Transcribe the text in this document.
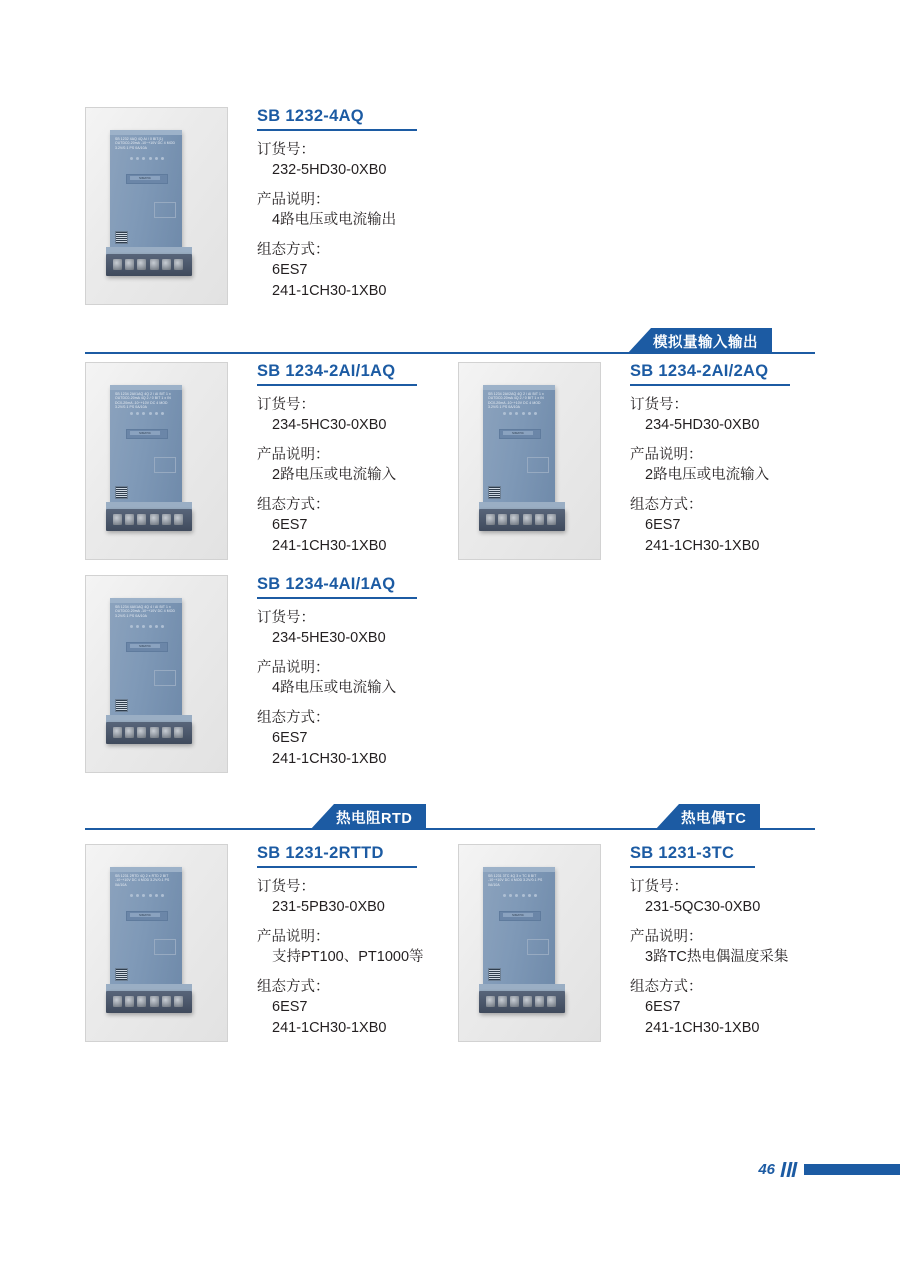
SB 1232 4AQ 4Q AI / 0 BIT(1) OUTDC0-20mA -10~+10V DC 4 MOD 3.2V/0.1 PS 0A/10A
SIMATIC
SB 1232-4AQ
订货号：
232-5HD30-0XB0
产品说明：
4路电压或电流输出
组态方式：
6ES7
241-1CH30-1XB0
模拟量输入输出
SB 1234 2AI/1AQ 4Q 2 / AI BIT 1 x OUTDC0-20mA 4Q 2 / 0 BIT 1 x IN DC0-20mA -10~+10V DC 4 MOD 3.2V/0.1 PS 0A/10A
SIMATIC
SB 1234-2AI/1AQ
订货号：
234-5HC30-0XB0
产品说明：
2路电压或电流输入
组态方式：
6ES7
241-1CH30-1XB0
SB 1234 2AI/2AQ 4Q 2 / AI BIT 1 x OUTDC0-20mA 4Q 2 / 0 BIT 1 x IN DC0-20mA -10~+10V DC 4 MOD 3.2V/0.1 PS 0A/10A
SIMATIC
SB 1234-2AI/2AQ
订货号：
234-5HD30-0XB0
产品说明：
2路电压或电流输入
组态方式：
6ES7
241-1CH30-1XB0
SB 1234 4AI/1AQ 4Q 4 / AI BIT 1 x OUTDC0-20mA -10~+10V DC 4 MOD 3.2V/0.1 PS 0A/10A
SIMATIC
SB 1234-4AI/1AQ
订货号：
234-5HE30-0XB0
产品说明：
4路电压或电流输入
组态方式：
6ES7
241-1CH30-1XB0
热电阻RTD	热电偶TC
SB 1231 2RTD 4Q 2 x RTD 2 BIT -10~+10V DC 4 MOD 3.2V/0.1 PS 0A/10A
SIMATIC
SB 1231-2RTTD
订货号：
231-5PB30-0XB0
产品说明：
支持PT100、PT1000等
组态方式：
6ES7
241-1CH30-1XB0
SB 1231 3TC 4Q 3 x TC 8 BIT -10~+10V DC 4 MOD 3.2V/0.1 PS 0A/10A
SIMATIC
SB 1231-3TC
订货号：
231-5QC30-0XB0
产品说明：
3路TC热电偶温度采集
组态方式：
6ES7
241-1CH30-1XB0
46
